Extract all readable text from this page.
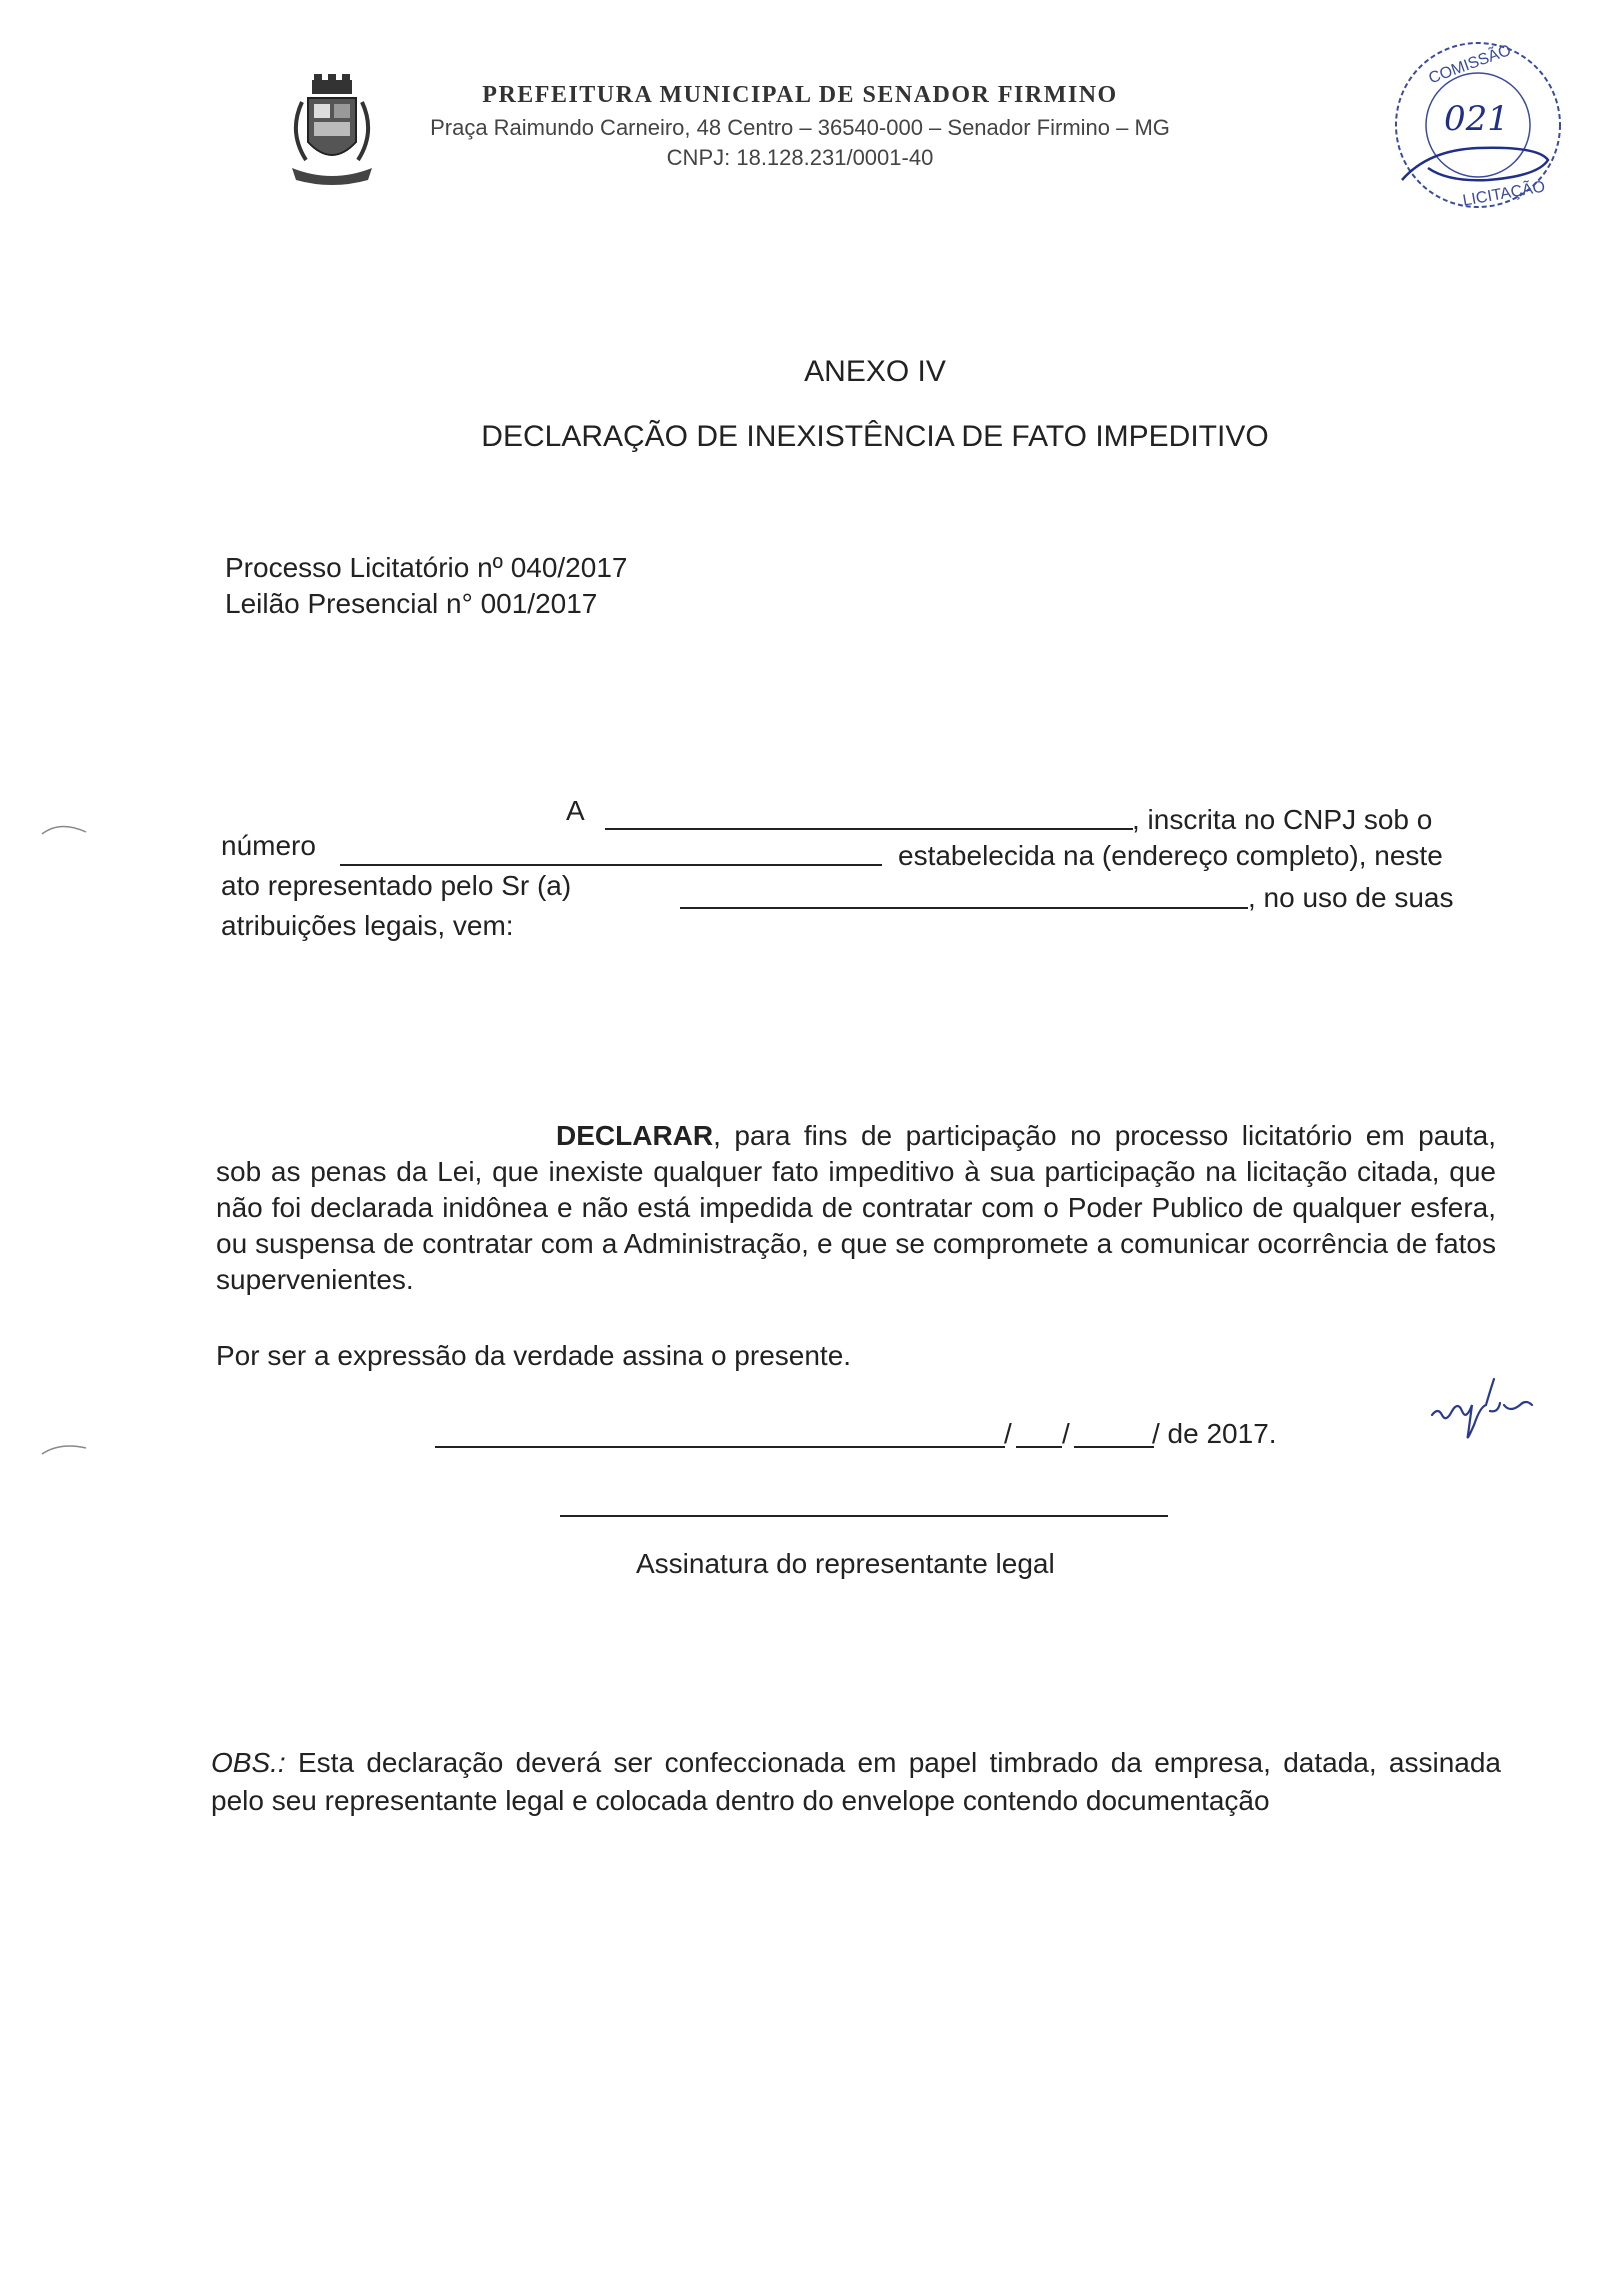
PREFEITURA MUNICIPAL DE SENADOR FIRMINO
Praça Raimundo Carneiro, 48 Centro – 36540-000 – Senador Firmino – MG
CNPJ: 18.128.231/0001-40
COMISSÃO
LICITAÇÃO
021
ANEXO IV
DECLARAÇÃO DE INEXISTÊNCIA DE FATO IMPEDITIVO
Processo Licitatório nº 040/2017
Leilão Presencial n° 001/2017
A	, inscrita no CNPJ sob o
número	estabelecida na (endereço completo), neste
ato representado pelo Sr (a)	, no uso de suas
atribuições legais, vem:
DECLARAR, para fins de participação no processo licitatório em pauta, sob as penas da Lei, que inexiste qualquer fato impeditivo à sua participação na licitação citada, que não foi declarada inidônea e não está impedida de contratar com o Poder Publico de qualquer esfera, ou suspensa de contratar com a Administração, e que se compromete a comunicar ocorrência de fatos supervenientes.
Por ser a expressão da verdade assina o presente.
/ /	/ de 2017.
Assinatura do representante legal
OBS.: Esta declaração deverá ser confeccionada em papel timbrado da empresa, datada, assinada pelo seu representante legal e colocada dentro do envelope contendo documentação
